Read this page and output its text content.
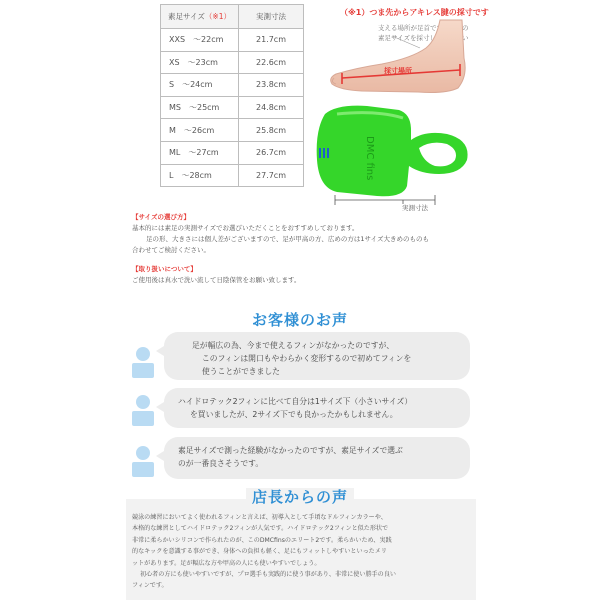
素足サイズ（※1）	実測寸法
XXS　～22cm	21.7cm
XS　～23cm	22.6cm
S　～24cm	23.8cm
MS　～25cm	24.8cm
M　～26cm	25.8cm
ML　～27cm	26.7cm
L　～28cm	27.7cm
（※1）つま先からアキレス腱の採寸です
支える場所が足首です。下記の素足サイズを採寸してください
採寸場所
DMC fins
実測寸法
【サイズの選び方】
基本的には素足の実測サイズでお選びいただくことをおすすめしております。
足の形、大きさには個人差がございますので、足が甲高の方、広めの方は1サイズ大きめのものも
合わせてご検討ください。
【取り扱いについて】
ご使用後は真水で洗い流して日陰保管をお願い致します。
お客様のお声
足が幅広の為、今まで使えるフィンがなかったのですが、
このフィンは開口もやわらかく変形するので初めてフィンを
使うことができました
ハイドロテック2フィンに比べて自分は1サイズ下（小さいサイズ）
を買いましたが、2サイズ下でも良かったかもしれません。
素足サイズで測った経験がなかったのですが、素足サイズで選ぶ
のが一番良さそうです。
店長からの声
競泳の練習においてよく使われるフィンと言えば、初導入として手頃なドルフィンカラーや、
本格的な練習としてハイドロテック2フィンが人気です。ハイドロテック2フィンと似た形状で
非常に柔らかいシリコンで作られたのが、このDMCfinsのエリート2です。柔らかいため、実践
的なキックを意識する事ができ、身体への負担も軽く、足にもフィットしやすいといったメリ
ットがあります。足が幅広な方や甲高の人にも使いやすいでしょう。
初心者の方にも使いやすいですが、プロ選手も実践的に使う事があり、非常に使い勝手の良い
フィンです。
